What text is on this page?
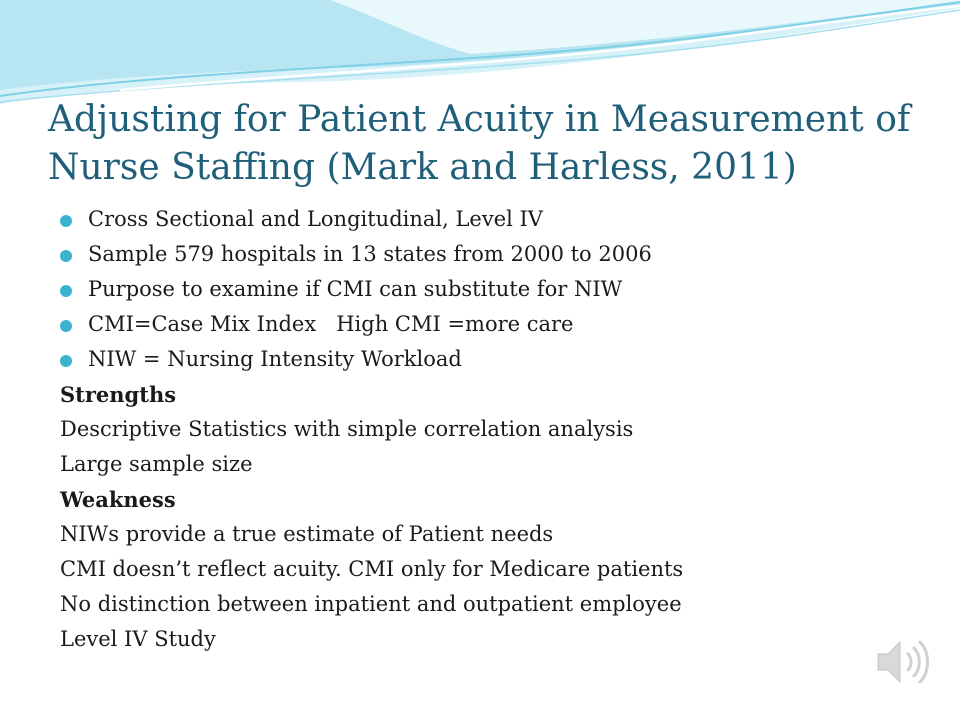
Adjusting for Patient Acuity in Measurement of Nurse Staffing (Mark and Harless, 2011)
Cross Sectional and Longitudinal, Level IV
Sample 579 hospitals in 13 states from 2000 to 2006
Purpose to examine if CMI can substitute for NIW
CMI=Case Mix Index   High CMI =more care
NIW = Nursing Intensity Workload

Strengths

Descriptive Statistics with simple correlation analysis

Large sample size

Weakness

NIWs provide a true estimate of Patient needs

CMI doesn’t reflect acuity. CMI only for Medicare patients

No distinction between inpatient and outpatient employee

Level IV Study
